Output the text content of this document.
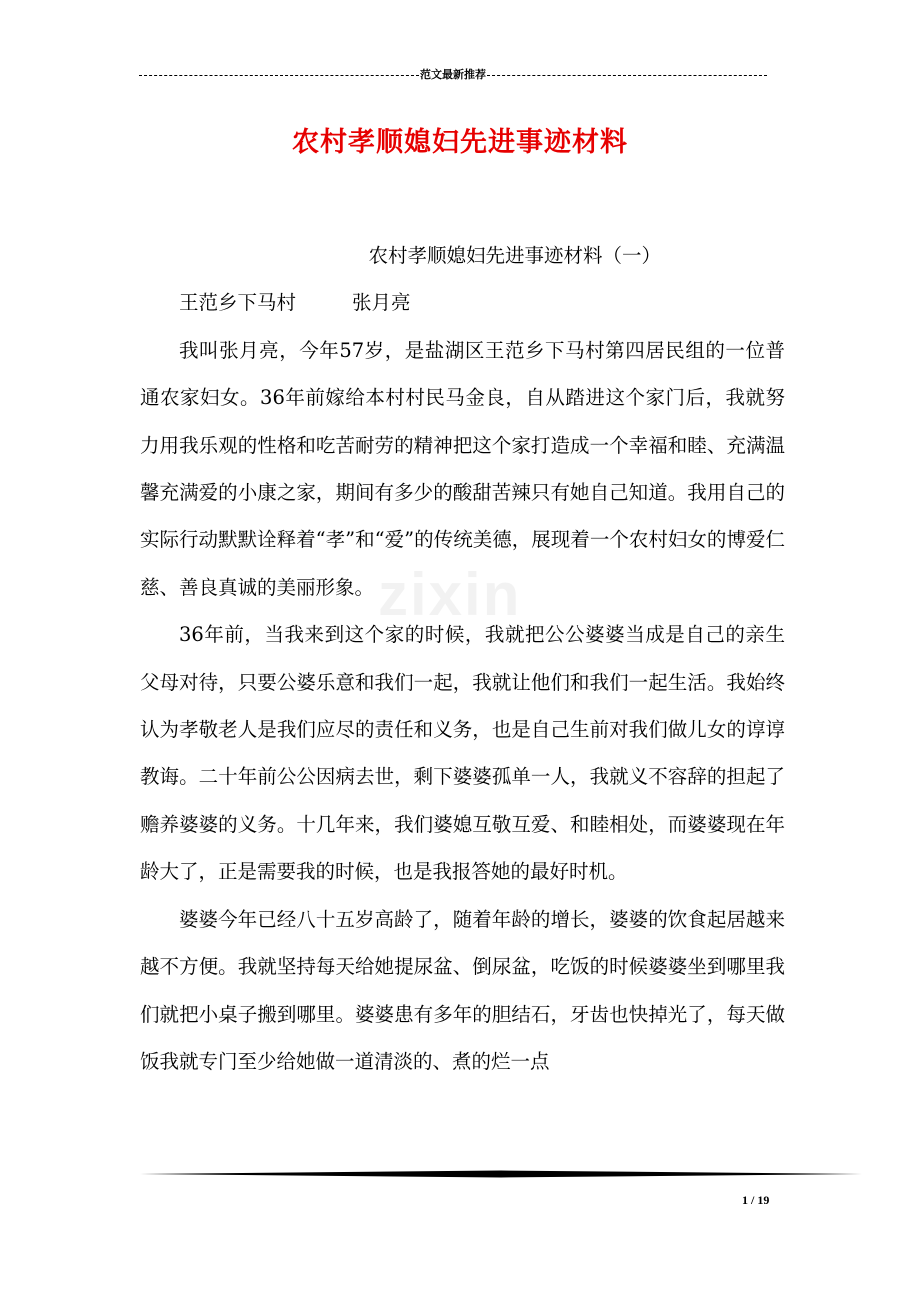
范文最新推荐
农村孝顺媳妇先进事迹材料
zixin

农村孝顺媳妇先进事迹材料（一）

王范乡下马村	张月亮

我叫张月亮，今年57岁，是盐湖区王范乡下马村第四居民组的一位普通农家妇女。36年前嫁给本村村民马金良，自从踏进这个家门后，我就努力用我乐观的性格和吃苦耐劳的精神把这个家打造成一个幸福和睦、充满温馨充满爱的小康之家，期间有多少的酸甜苦辣只有她自己知道。我用自己的实际行动默默诠释着“孝”和“爱”的传统美德，展现着一个农村妇女的博爱仁慈、善良真诚的美丽形象。

36年前，当我来到这个家的时候，我就把公公婆婆当成是自己的亲生父母对待，只要公婆乐意和我们一起，我就让他们和我们一起生活。我始终认为孝敬老人是我们应尽的责任和义务，也是自己生前对我们做儿女的谆谆教诲。二十年前公公因病去世，剩下婆婆孤单一人，我就义不容辞的担起了赡养婆婆的义务。十几年来，我们婆媳互敬互爱、和睦相处，而婆婆现在年龄大了，正是需要我的时候，也是我报答她的最好时机。

婆婆今年已经八十五岁高龄了，随着年龄的增长，婆婆的饮食起居越来越不方便。我就坚持每天给她提尿盆、倒尿盆，吃饭的时候婆婆坐到哪里我们就把小桌子搬到哪里。婆婆患有多年的胆结石，牙齿也快掉光了，每天做饭我就专门至少给她做一道清淡的、煮的烂一点

1 / 19
